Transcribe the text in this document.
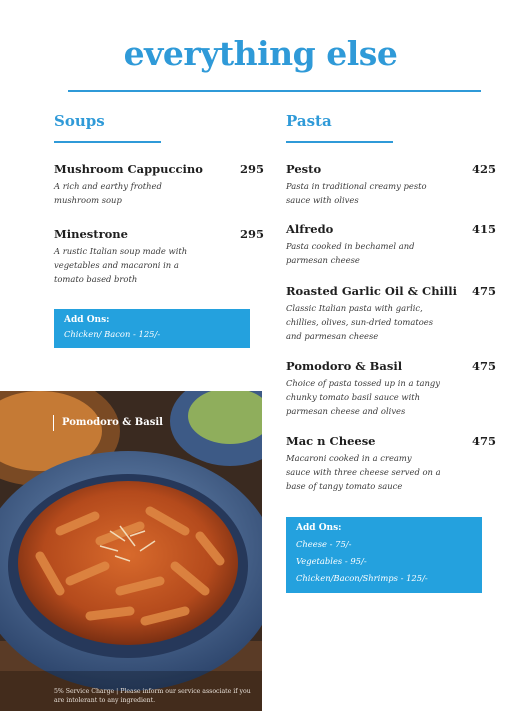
everything else
Soups
Mushroom Cappuccino	295
A rich and earthy frothed
mushroom soup
Minestrone	295
A rustic Italian soup made with
vegetables and macaroni in a
tomato based broth
Add Ons:
Chicken/ Bacon - 125/-
Pasta
Pesto	425
Pasta in traditional creamy pesto
sauce with olives
Alfredo	415
Pasta cooked in bechamel and
parmesan cheese
Roasted Garlic Oil & Chilli	475
Classic Italian pasta with garlic,
chillies, olives, sun-dried tomatoes
and parmesan cheese
Pomodoro & Basil	475
Choice of pasta tossed up in a tangy
chunky tomato basil sauce with
parmesan cheese and olives
Mac n Cheese	475
Macaroni cooked in a creamy
sauce with three cheese served on a
base of tangy tomato sauce
Add Ons:
Cheese - 75/-
Vegetables - 95/-
Chicken/Bacon/Shrimps - 125/-
Pomodoro & Basil
5% Service Charge | Please inform our service associate if you are intolerant to any ingredient.
